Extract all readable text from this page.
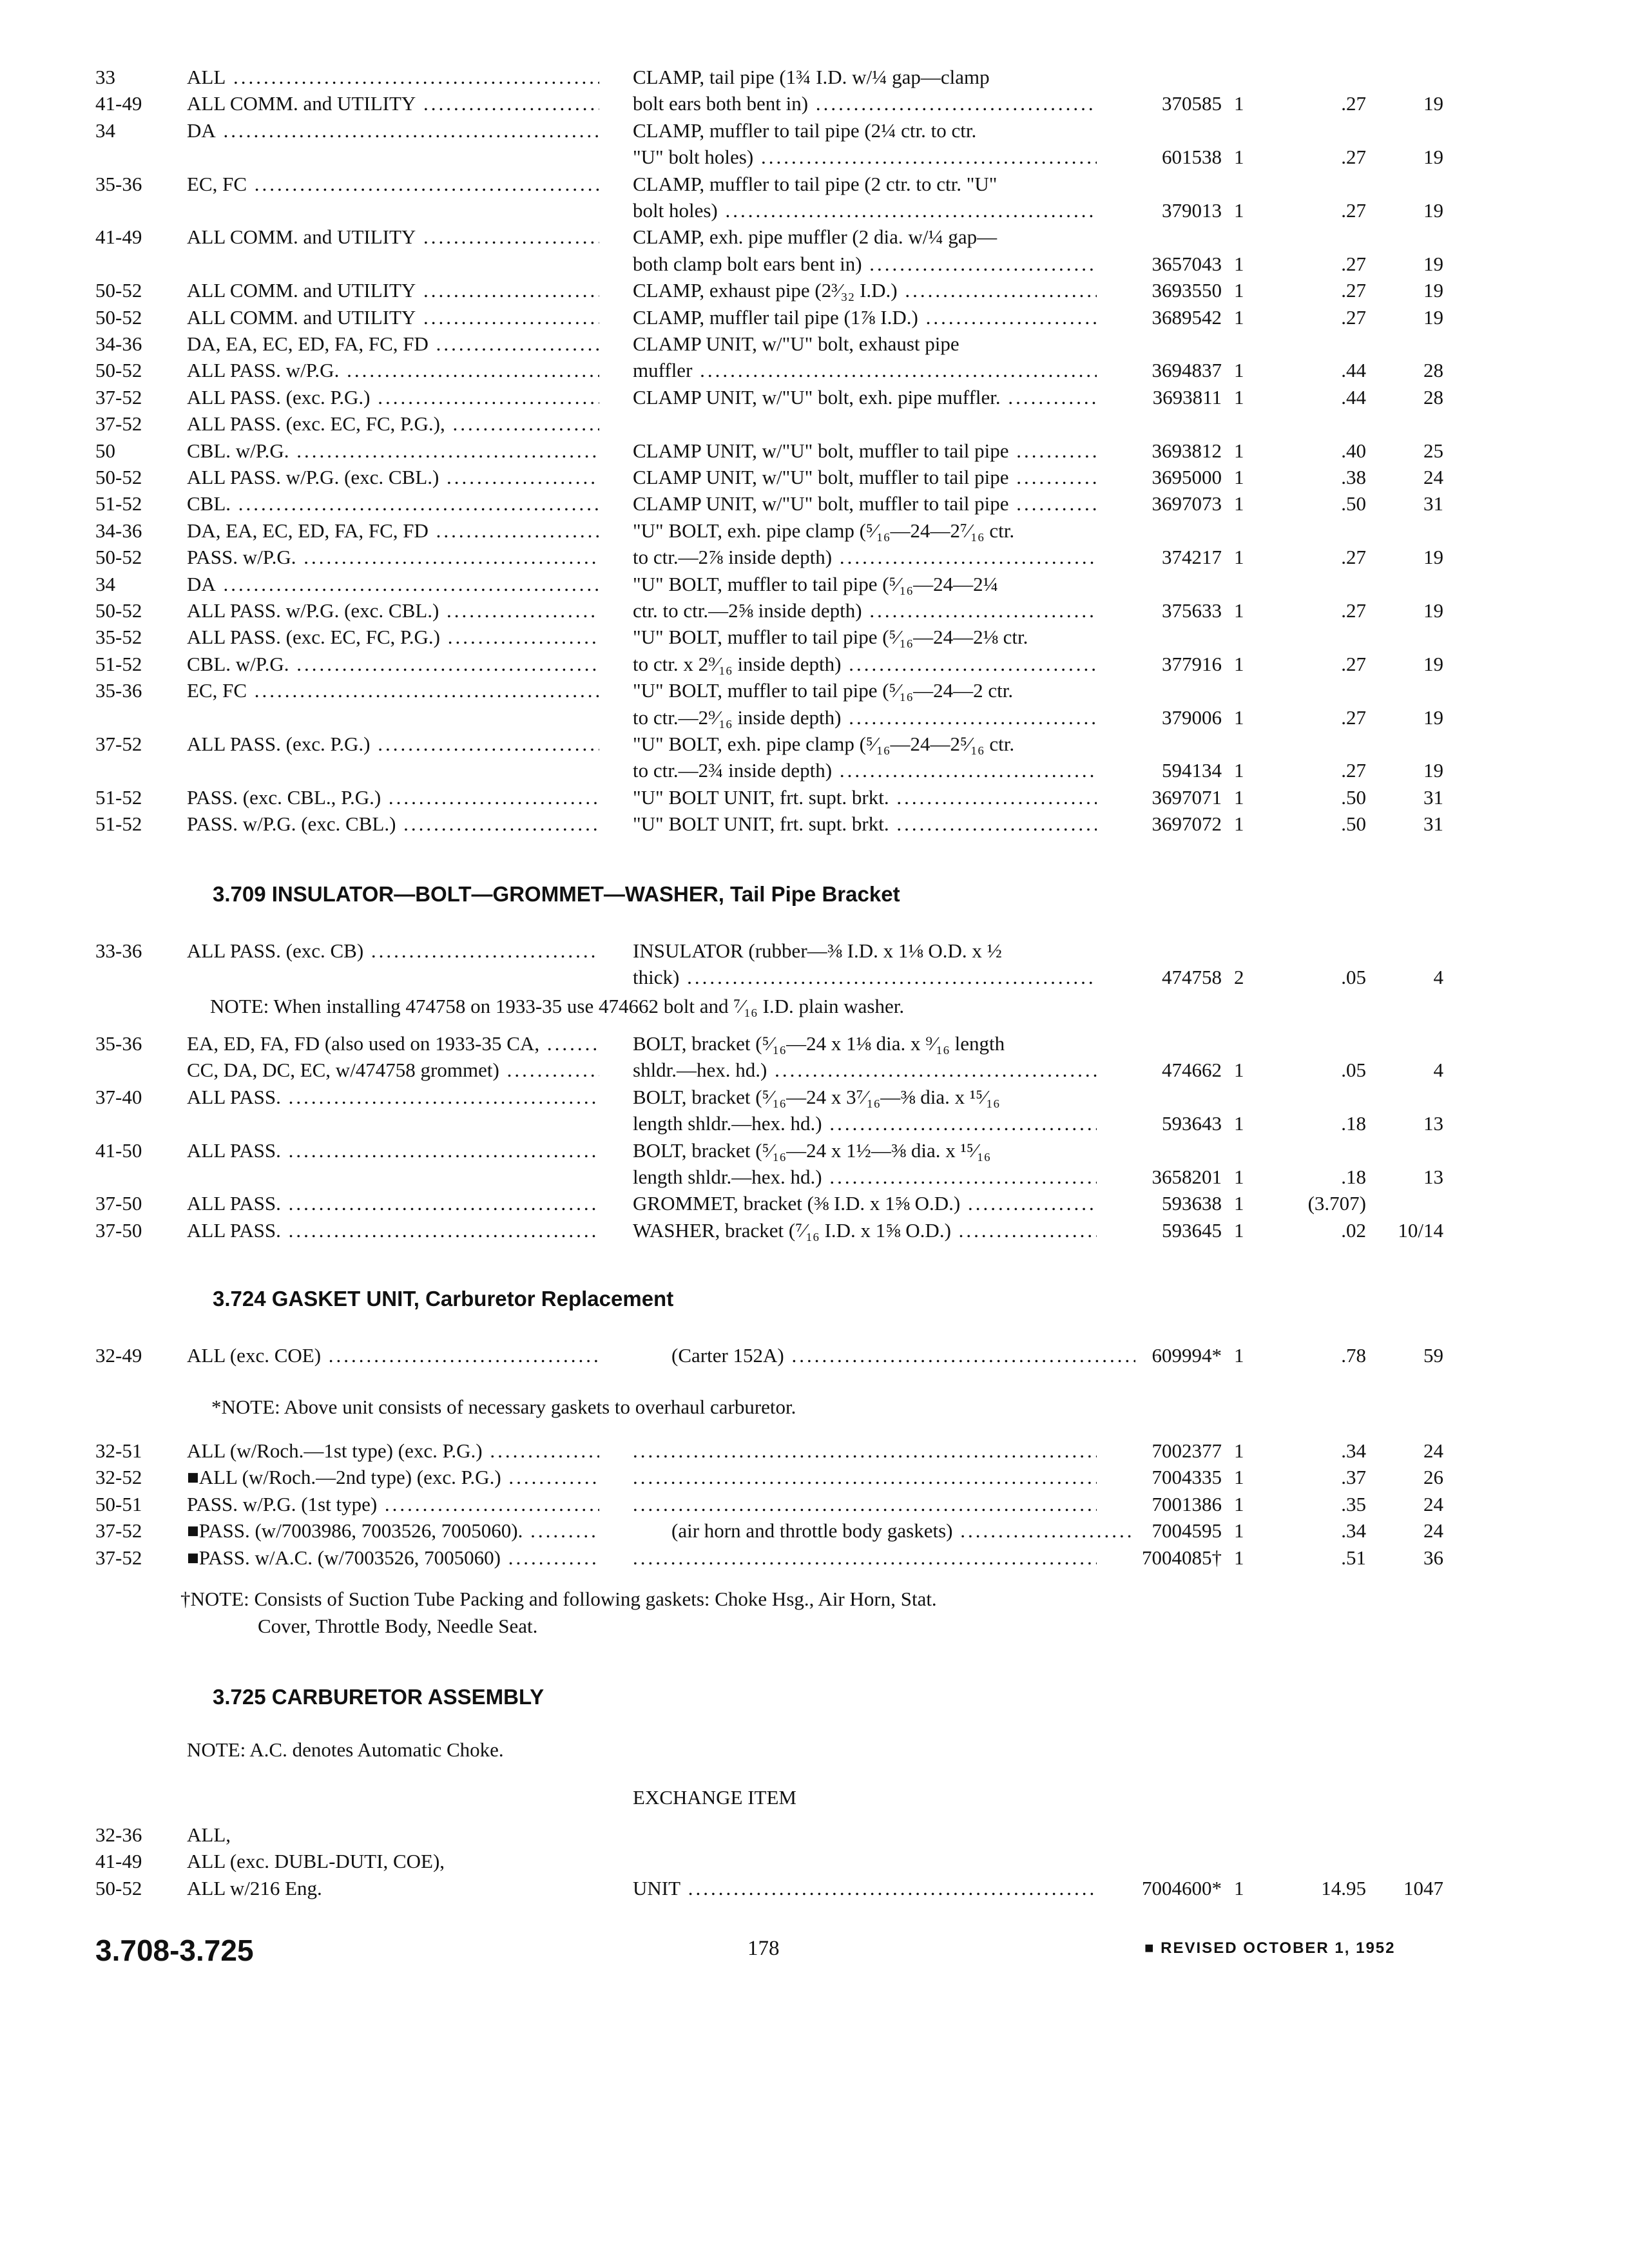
33	ALL .....	CLAMP, tail pipe (1¾ I.D. w/¼ gap—clamp
41-49	ALL COMM. and UTILITY .....	bolt ears both bent in) .....	370585 1	.27	19
34	DA .....	CLAMP, muffler to tail pipe (2¼ ctr. to ctr.
"U" bolt holes) .....	601538 1	.27	19
35-36	EC, FC .....	CLAMP, muffler to tail pipe (2 ctr. to ctr. "U"
bolt holes) .....	379013 1	.27	19
41-49	ALL COMM. and UTILITY .....	CLAMP, exh. pipe muffler (2 dia. w/¼ gap—
both clamp bolt ears bent in) .....	3657043 1	.27	19
50-52	ALL COMM. and UTILITY .....	CLAMP, exhaust pipe (2³⁄₃₂ I.D.) .....	3693550 1	.27	19
50-52	ALL COMM. and UTILITY .....	CLAMP, muffler tail pipe (1⅞ I.D.) .....	3689542 1	.27	19
34-36	DA, EA, EC, ED, FA, FC, FD .....	CLAMP UNIT, w/"U" bolt, exhaust pipe
50-52	ALL PASS. w/P.G. .....	muffler .....	3694837 1	.44	28
37-52	ALL PASS. (exc. P.G.) .....	CLAMP UNIT, w/"U" bolt, exh. pipe muffler. .....	3693811 1	.44	28
37-52	ALL PASS. (exc. EC, FC, P.G.), .....
50	CBL. w/P.G. .....	CLAMP UNIT, w/"U" bolt, muffler to tail pipe .....	3693812 1	.40	25
50-52	ALL PASS. w/P.G. (exc. CBL.) .....	CLAMP UNIT, w/"U" bolt, muffler to tail pipe .....	3695000 1	.38	24
51-52	CBL. .....	CLAMP UNIT, w/"U" bolt, muffler to tail pipe .....	3697073 1	.50	31
34-36	DA, EA, EC, ED, FA, FC, FD .....	"U" BOLT, exh. pipe clamp (⁵⁄₁₆—24—2⁷⁄₁₆ ctr.
50-52	PASS. w/P.G. .....	to ctr.—2⅞ inside depth) .....	374217 1	.27	19
34	DA .....	"U" BOLT, muffler to tail pipe (⁵⁄₁₆—24—2¼
50-52	ALL PASS. w/P.G. (exc. CBL.) .....	ctr. to ctr.—2⅝ inside depth) .....	375633 1	.27	19
35-52	ALL PASS. (exc. EC, FC, P.G.) .....	"U" BOLT, muffler to tail pipe (⁵⁄₁₆—24—2⅛ ctr.
51-52	CBL. w/P.G. .....	to ctr. x 2⁹⁄₁₆ inside depth) .....	377916 1	.27	19
35-36	EC, FC .....	"U" BOLT, muffler to tail pipe (⁵⁄₁₆—24—2 ctr.
to ctr.—2⁹⁄₁₆ inside depth) .....	379006 1	.27	19
37-52	ALL PASS. (exc. P.G.) .....	"U" BOLT, exh. pipe clamp (⁵⁄₁₆—24—2⁵⁄₁₆ ctr.
to ctr.—2¾ inside depth) .....	594134 1	.27	19
51-52	PASS. (exc. CBL., P.G.) .....	"U" BOLT UNIT, frt. supt. brkt. .....	3697071 1	.50	31
51-52	PASS. w/P.G. (exc. CBL.) .....	"U" BOLT UNIT, frt. supt. brkt. .....	3697072 1	.50	31
3.709 INSULATOR—BOLT—GROMMET—WASHER, Tail Pipe Bracket
33-36	ALL PASS. (exc. CB) .....	INSULATOR (rubber—⅜ I.D. x 1⅛ O.D. x ½
thick) .....	474758 2	.05	4
NOTE: When installing 474758 on 1933-35 use 474662 bolt and ⁷⁄₁₆ I.D. plain washer.
35-36	EA, ED, FA, FD (also used on 1933-35 CA, .....	BOLT, bracket (⁵⁄₁₆—24 x 1⅛ dia. x ⁹⁄₁₆ length
CC, DA, DC, EC, w/474758 grommet) .....	shldr.—hex. hd.) .....	474662 1	.05	4
37-40	ALL PASS. .....	BOLT, bracket (⁵⁄₁₆—24 x 3⁷⁄₁₆—⅜ dia. x ¹⁵⁄₁₆
length shldr.—hex. hd.) .....	593643 1	.18	13
41-50	ALL PASS. .....	BOLT, bracket (⁵⁄₁₆—24 x 1½—⅜ dia. x ¹⁵⁄₁₆
length shldr.—hex. hd.) .....	3658201 1	.18	13
37-50	ALL PASS. .....	GROMMET, bracket (⅜ I.D. x 1⅝ O.D.) .....	593638 1	(3.707)
37-50	ALL PASS. .....	WASHER, bracket (⁷⁄₁₆ I.D. x 1⅝ O.D.) .....	593645 1	.02	10/14
3.724 GASKET UNIT, Carburetor Replacement
32-49	ALL (exc. COE) .....	(Carter 152A) .....	609994* 1	.78	59
*NOTE: Above unit consists of necessary gaskets to overhaul carburetor.
32-51	ALL (w/Roch.—1st type) (exc. P.G.) ..... .....	7002377 1	.34	24
32-52	■ALL (w/Roch.—2nd type) (exc. P.G.) ..... .....	7004335 1	.37	26
50-51	PASS. w/P.G. (1st type) ..... .....	7001386 1	.35	24
37-52	■PASS. (w/7003986, 7003526, 7005060). .....	(air horn and throttle body gaskets) .....	7004595 1	.34	24
37-52	■PASS. w/A.C. (w/7003526, 7005060) ..... .....	7004085† 1	.51	36
†NOTE: Consists of Suction Tube Packing and following gaskets: Choke Hsg., Air Horn, Stat.
Cover, Throttle Body, Needle Seat.
3.725 CARBURETOR ASSEMBLY
NOTE: A.C. denotes Automatic Choke.
EXCHANGE ITEM
32-36	ALL,
41-49	ALL (exc. DUBL-DUTI, COE),
50-52	ALL w/216 Eng.	UNIT .....	7004600* 1	14.95	1047
3.708-3.725	178	■ REVISED OCTOBER 1, 1952
